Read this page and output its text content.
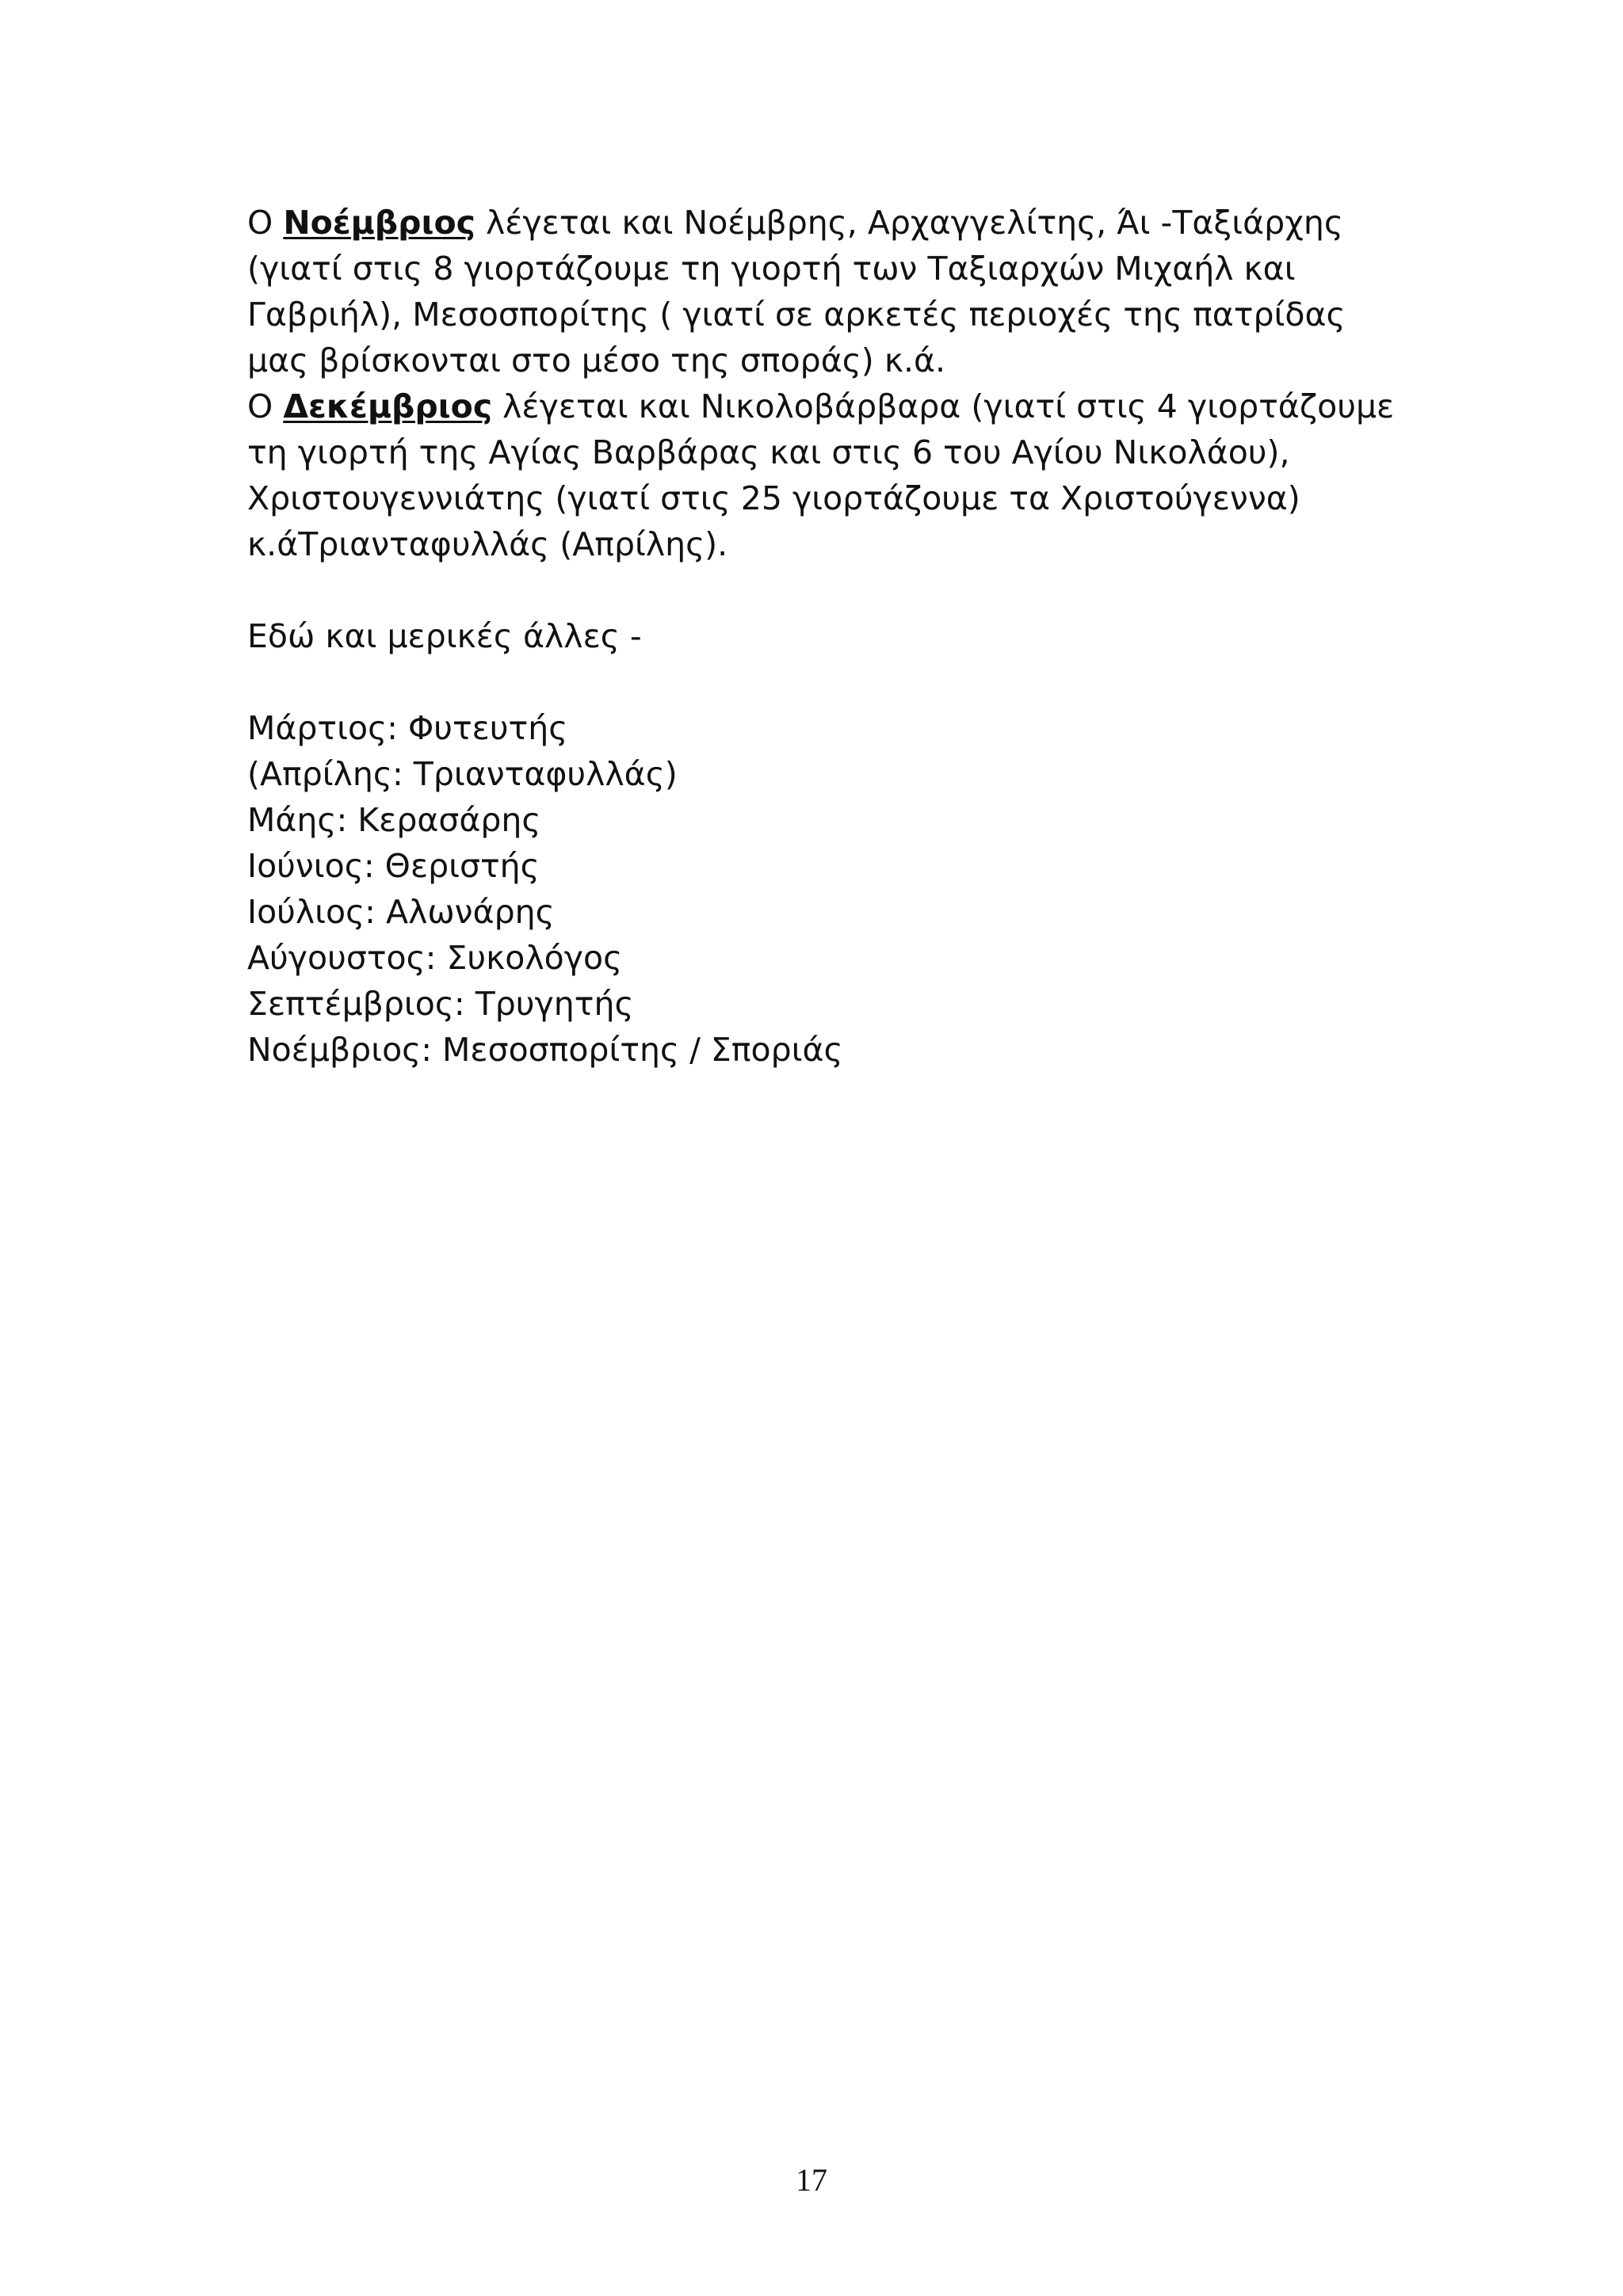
Ο Νοέμβριος λέγεται και Νοέμβρης, Αρχαγγελίτης, Άι -Ταξιάρχης (γιατί στις 8 γιορτάζουμε τη γιορτή των Ταξιαρχών Μιχαήλ και Γαβριήλ), Μεσοσπορίτης ( γιατί σε αρκετές περιοχές της πατρίδας μας βρίσκονται στο μέσο της σποράς) κ.ά.

Ο Δεκέμβριος λέγεται και Νικολοβάρβαρα (γιατί στις 4 γιορτάζουμε τη γιορτή της Αγίας Βαρβάρας και στις 6 του Αγίου Νικολάου), Χριστουγεννιάτης (γιατί στις 25 γιορτάζουμε τα Χριστούγεννα) κ.άΤριανταφυλλάς (Απρίλης).

Εδώ και μερικές άλλες -

Μάρτιος: Φυτευτής
(Απρίλης: Τριανταφυλλάς)
Μάης: Κερασάρης
Ιούνιος: Θεριστής
Ιούλιος: Αλωνάρης
Αύγουστος: Συκολόγος
Σεπτέμβριος: Τρυγητής
Νοέμβριος: Μεσοσπορίτης / Σποριάς
17
